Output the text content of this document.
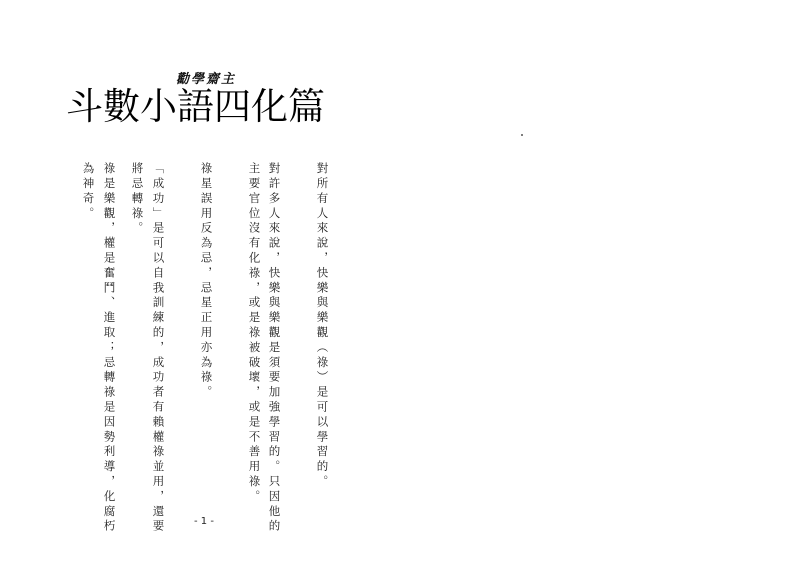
勸學齋主
斗數小語四化篇
對所有人來說，快樂與樂觀（祿）是可以學習的。
對許多人來說，快樂與樂觀是須要加強學習的。只因他的
主要官位沒有化祿，或是祿被破壞，或是不善用祿。
祿星誤用反為忌，忌星正用亦為祿。
「成功」是可以自我訓練的，成功者有賴權祿並用，還要
將忌轉祿。
祿是樂觀，權是奮鬥、進取；忌轉祿是因勢利導，化腐朽
為神奇。
- 1 -
